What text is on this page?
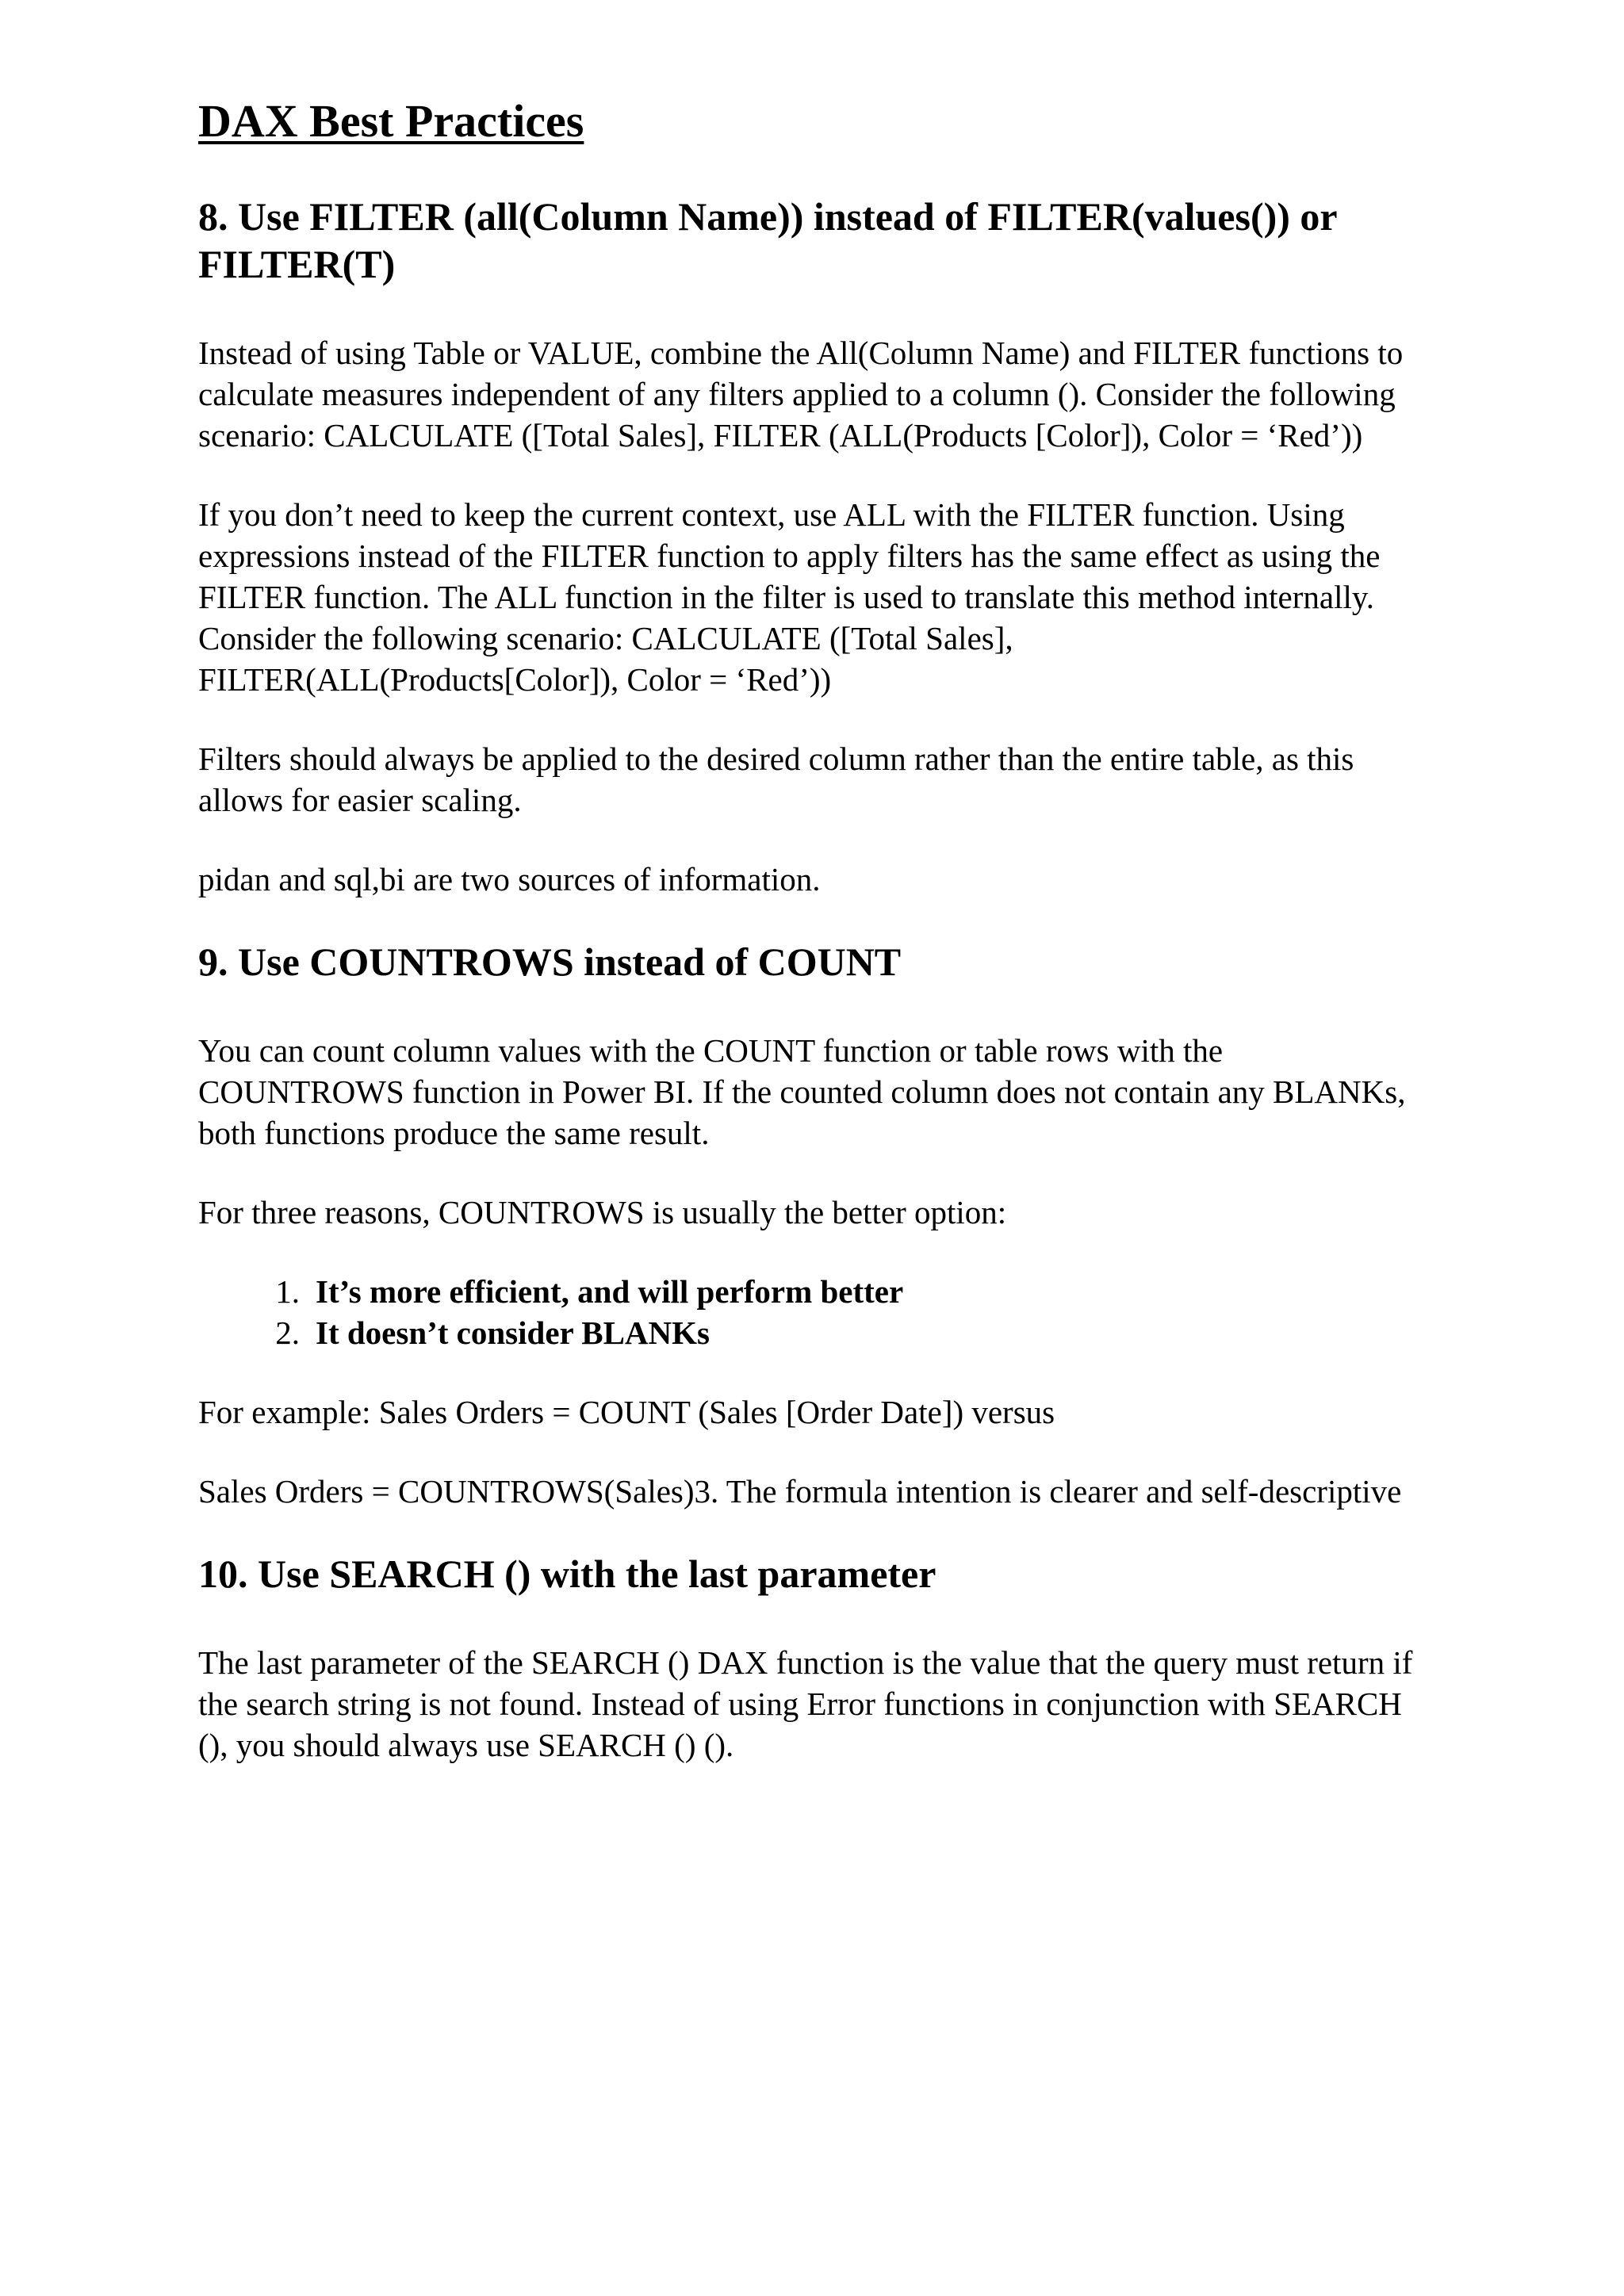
DAX Best Practices
8. Use FILTER (all(Column Name)) instead of FILTER(values()) or FILTER(T)

Instead of using Table or VALUE, combine the All(Column Name) and FILTER functions to calculate measures independent of any filters applied to a column (). Consider the following scenario: CALCULATE ([Total Sales], FILTER (ALL(Products [Color]), Color = ‘Red’))

If you don’t need to keep the current context, use ALL with the FILTER function. Using expressions instead of the FILTER function to apply filters has the same effect as using the FILTER function. The ALL function in the filter is used to translate this method internally. Consider the following scenario: CALCULATE ([Total Sales], FILTER(ALL(Products[Color]), Color = ‘Red’))

Filters should always be applied to the desired column rather than the entire table, as this allows for easier scaling.

pidan and sql,bi are two sources of information.

9. Use COUNTROWS instead of COUNT

You can count column values with the COUNT function or table rows with the COUNTROWS function in Power BI. If the counted column does not contain any BLANKs, both functions produce the same result.

For three reasons, COUNTROWS is usually the better option:

1. It’s more efficient, and will perform better
2. It doesn’t consider BLANKs

For example: Sales Orders = COUNT (Sales [Order Date]) versus

Sales Orders = COUNTROWS(Sales)3. The formula intention is clearer and self-descriptive

10. Use SEARCH () with the last parameter

The last parameter of the SEARCH () DAX function is the value that the query must return if the search string is not found. Instead of using Error functions in conjunction with SEARCH (), you should always use SEARCH () ().
